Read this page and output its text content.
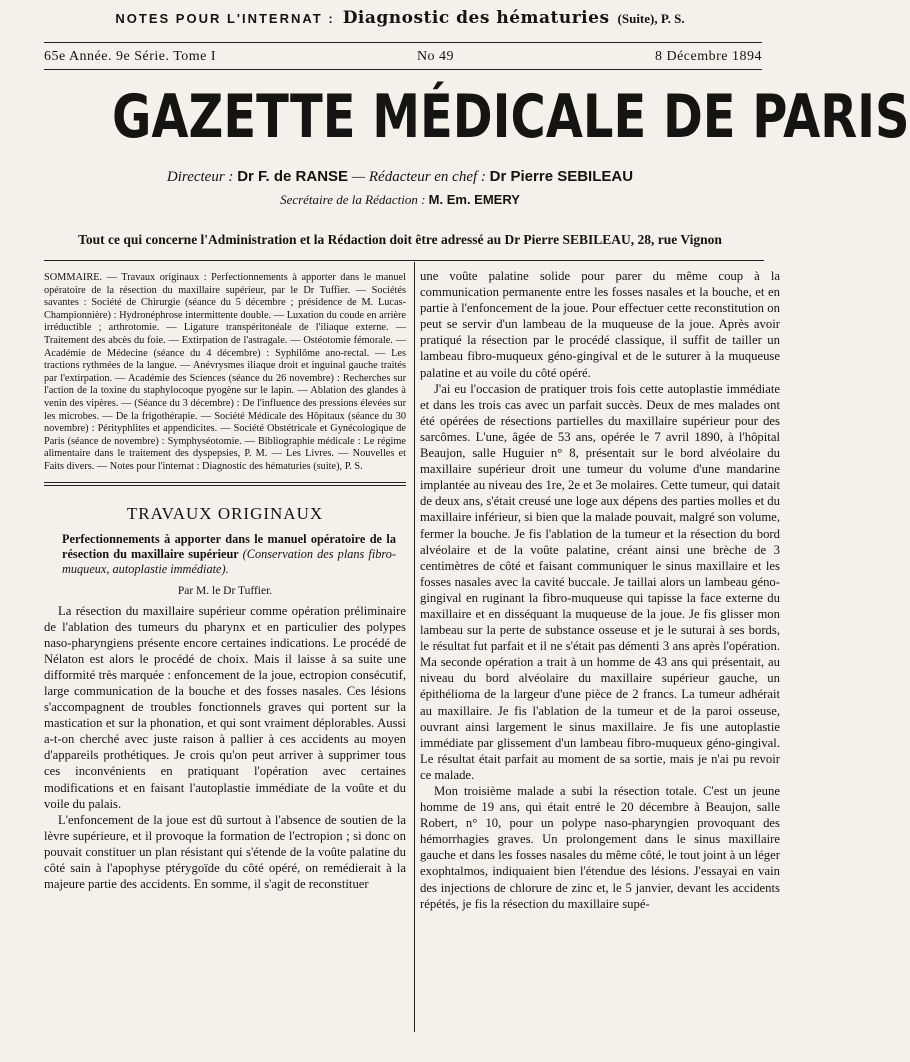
NOTES POUR L'INTERNAT : Diagnostic des hématuries (Suite), P. S.
65e Année. 9e Série. Tome I	No 49	8 Décembre 1894
GAZETTE MÉDICALE DE PARIS
Directeur : Dr F. de RANSE — Rédacteur en chef : Dr Pierre SEBILEAU
Secrétaire de la Rédaction : M. Em. EMERY
Tout ce qui concerne l'Administration et la Rédaction doit être adressé au Dr Pierre SEBILEAU, 28, rue Vignon

SOMMAIRE. — Travaux originaux : Perfectionnements à apporter dans le manuel opératoire de la résection du maxillaire supérieur, par le Dr Tuffier. — Sociétés savantes : Société de Chirurgie (séance du 5 décembre ; présidence de M. Lucas-Championnière) : Hydronéphrose intermittente double. — Luxation du coude en arrière irréductible ; arthrotomie. — Ligature transpéritonéale de l'iliaque externe. — Traitement des abcès du foie. — Extirpation de l'astragale. — Ostéotomie fémorale. — Académie de Médecine (séance du 4 décembre) : Syphilôme ano-rectal. — Les tractions rythmées de la langue. — Anévrysmes iliaque droit et inguinal gauche traités par l'extirpation. — Académie des Sciences (séance du 26 novembre) : Recherches sur l'action de la toxine du staphylocoque pyogène sur le lapin. — Ablation des glandes à venin des vipères. — (Séance du 3 décembre) : De l'influence des pressions élevées sur les microbes. — De la frigothérapie. — Société Médicale des Hôpitaux (séance du 30 novembre) : Pérityphlites et appendicites. — Société Obstétricale et Gynécologique de Paris (séance de novembre) : Symphyséotomie. — Bibliographie médicale : Le régime alimentaire dans le traitement des dyspepsies, P. M. — Les Livres. — Nouvelles et Faits divers. — Notes pour l'internat : Diagnostic des hématuries (suite), P. S.

TRAVAUX ORIGINAUX

Perfectionnements à apporter dans le manuel opératoire de la résection du maxillaire supérieur (Conservation des plans fibro-muqueux, autoplastie immédiate).

Par M. le Dr Tuffier.

La résection du maxillaire supérieur comme opération préliminaire de l'ablation des tumeurs du pharynx et en particulier des polypes naso-pharyngiens présente encore certaines indications. Le procédé de Nélaton est alors le procédé de choix. Mais il laisse à sa suite une difformité très marquée : enfoncement de la joue, ectropion consécutif, large communication de la bouche et des fosses nasales. Ces lésions s'accompagnent de troubles fonctionnels graves qui portent sur la mastication et sur la phonation, et qui sont vraiment déplorables. Aussi a-t-on cherché avec juste raison à pallier à ces accidents au moyen d'appareils prothétiques. Je crois qu'on peut arriver à supprimer tous ces inconvénients en pratiquant l'opération avec certaines modifications et en faisant l'autoplastie immédiate de la voûte et du voile du palais.

L'enfoncement de la joue est dû surtout à l'absence de soutien de la lèvre supérieure, et il provoque la formation de l'ectropion ; si donc on pouvait constituer un plan résistant qui s'étende de la voûte palatine du côté sain à l'apophyse ptérygoïde du côté opéré, on remédierait à la majeure partie des accidents. En somme, il s'agit de reconstituer

une voûte palatine solide pour parer du même coup à la communication permanente entre les fosses nasales et la bouche, et en partie à l'enfoncement de la joue. Pour effectuer cette reconstitution on peut se servir d'un lambeau de la muqueuse de la joue. Après avoir pratiqué la résection par le procédé classique, il suffit de tailler un lambeau fibro-muqueux géno-gingival et de le suturer à la muqueuse palatine et au voile du côté opéré.

J'ai eu l'occasion de pratiquer trois fois cette autoplastie immédiate et dans les trois cas avec un parfait succès. Deux de mes malades ont été opérées de résections partielles du maxillaire supérieur pour des sarcômes. L'une, âgée de 53 ans, opérée le 7 avril 1890, à l'hôpital Beaujon, salle Huguier n° 8, présentait sur le bord alvéolaire du maxillaire supérieur droit une tumeur du volume d'une mandarine implantée au niveau des 1re, 2e et 3e molaires. Cette tumeur, qui datait de deux ans, s'était creusé une loge aux dépens des parties molles et du maxillaire inférieur, si bien que la malade pouvait, malgré son volume, fermer la bouche. Je fis l'ablation de la tumeur et la résection du bord alvéolaire et de la voûte palatine, créant ainsi une brèche de 3 centimètres de côté et faisant communiquer le sinus maxillaire et les fosses nasales avec la cavité buccale. Je taillai alors un lambeau géno-gingival en ruginant la fibro-muqueuse qui tapisse la face externe du maxillaire et en disséquant la muqueuse de la joue. Je fis glisser mon lambeau sur la perte de substance osseuse et je le suturai à ses bords, le résultat fut parfait et il ne s'était pas démenti 3 ans après l'opération. Ma seconde opération a trait à un homme de 43 ans qui présentait, au niveau du bord alvéolaire du maxillaire supérieur gauche, un épithélioma de la largeur d'une pièce de 2 francs. La tumeur adhérait au maxillaire. Je fis l'ablation de la tumeur et de la paroi osseuse, ouvrant ainsi largement le sinus maxillaire. Je fis une autoplastie immédiate par glissement d'un lambeau fibro-muqueux géno-gingival. Le résultat était parfait au moment de sa sortie, mais je n'ai pu revoir ce malade.

Mon troisième malade a subi la résection totale. C'est un jeune homme de 19 ans, qui était entré le 20 décembre à Beaujon, salle Robert, n° 10, pour un polype naso-pharyngien provoquant des hémorrhagies graves. Un prolongement dans le sinus maxillaire gauche et dans les fosses nasales du même côté, le tout joint à un léger exophtalmos, indiquaient bien l'étendue des lésions. J'essayai en vain des injections de chlorure de zinc et, le 5 janvier, devant les accidents répétés, je fis la résection du maxillaire supé-
